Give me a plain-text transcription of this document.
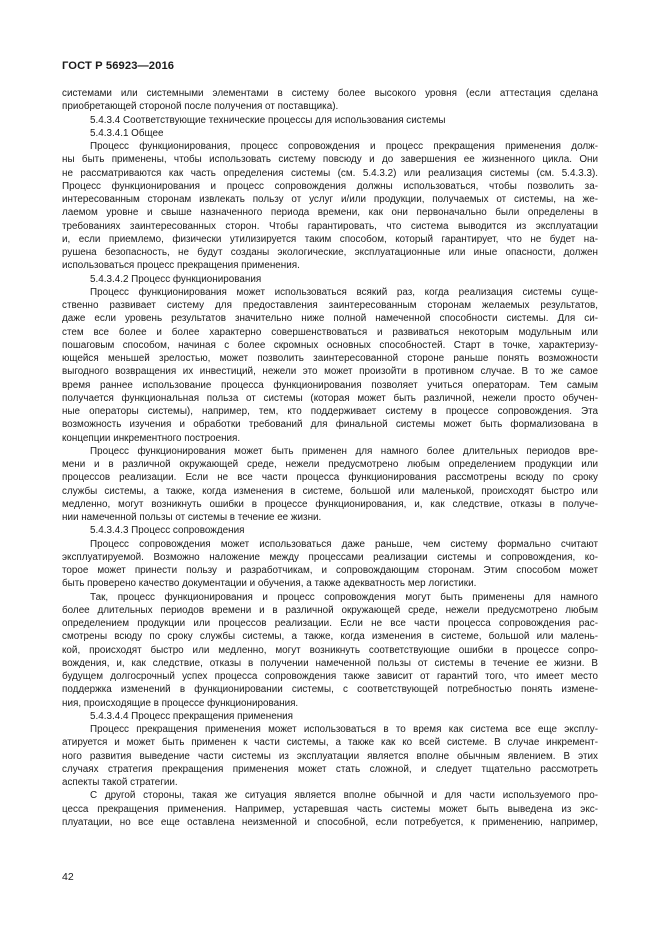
ГОСТ Р 56923—2016
системами или системными элементами в систему более высокого уровня (если аттестация сделана
приобретающей стороной после получения от поставщика).
5.4.3.4 Соответствующие технические процессы для использования системы
5.4.3.4.1 Общее
Процесс функционирования, процесс сопровождения и процесс прекращения применения долж-
ны быть применены, чтобы использовать систему повсюду и до завершения ее жизненного цикла. Они
не рассматриваются как часть определения системы (см. 5.4.3.2) или реализация системы (см. 5.4.3.3).
Процесс функционирования и процесс сопровождения должны использоваться, чтобы позволить за-
интересованным сторонам извлекать пользу от услуг и/или продукции, получаемых от системы, на же-
лаемом уровне и свыше назначенного периода времени, как они первоначально были определены в
требованиях заинтересованных сторон. Чтобы гарантировать, что система выводится из эксплуатации
и, если приемлемо, физически утилизируется таким способом, который гарантирует, что не будет на-
рушена безопасность, не будут созданы экологические, эксплуатационные или иные опасности, должен
использоваться процесс прекращения применения.
5.4.3.4.2 Процесс функционирования
Процесс функционирования может использоваться всякий раз, когда реализация системы суще-
ственно развивает систему для предоставления заинтересованным сторонам желаемых результатов,
даже если уровень результатов значительно ниже полной намеченной способности системы. Для си-
стем все более и более характерно совершенствоваться и развиваться некоторым модульным или
пошаговым способом, начиная с более скромных основных способностей. Старт в точке, характеризу-
ющейся меньшей зрелостью, может позволить заинтересованной стороне раньше понять возможности
выгодного возвращения их инвестиций, нежели это может произойти в противном случае. В то же самое
время раннее использование процесса функционирования позволяет учиться операторам. Тем самым
получается функциональная польза от системы (которая может быть различной, нежели просто обучен-
ные операторы системы), например, тем, кто поддерживает систему в процессе сопровождения. Эта
возможность изучения и обработки требований для финальной системы может быть формализована в
концепции инкрементного построения.
Процесс функционирования может быть применен для намного более длительных периодов вре-
мени и в различной окружающей среде, нежели предусмотрено любым определением продукции или
процессов реализации. Если не все части процесса функционирования рассмотрены всюду по сроку
службы системы, а также, когда изменения в системе, большой или маленькой, происходят быстро или
медленно, могут возникнуть ошибки в процессе функционирования, и, как следствие, отказы в получе-
нии намеченной пользы от системы в течение ее жизни.
5.4.3.4.3 Процесс сопровождения
Процесс сопровождения может использоваться даже раньше, чем систему формально считают
эксплуатируемой. Возможно наложение между процессами реализации системы и сопровождения, ко-
торое может принести пользу и разработчикам, и сопровождающим сторонам. Этим способом может
быть проверено качество документации и обучения, а также адекватность мер логистики.
Так, процесс функционирования и процесс сопровождения могут быть применены для намного
более длительных периодов времени и в различной окружающей среде, нежели предусмотрено любым
определением продукции или процессов реализации. Если не все части процесса сопровождения рас-
смотрены всюду по сроку службы системы, а также, когда изменения в системе, большой или малень-
кой, происходят быстро или медленно, могут возникнуть соответствующие ошибки в процессе сопро-
вождения, и, как следствие, отказы в получении намеченной пользы от системы в течение ее жизни. В
будущем долгосрочный успех процесса сопровождения также зависит от гарантий того, что имеет место
поддержка изменений в функционировании системы, с соответствующей потребностью понять измене-
ния, происходящие в процессе функционирования.
5.4.3.4.4 Процесс прекращения применения
Процесс прекращения применения может использоваться в то время как система все еще эксплу-
атируется и может быть применен к части системы, а также как ко всей системе. В случае инкремент-
ного развития выведение части системы из эксплуатации является вполне обычным явлением. В этих
случаях стратегия прекращения применения может стать сложной, и следует тщательно рассмотреть
аспекты такой стратегии.
С другой стороны, такая же ситуация является вполне обычной и для части используемого про-
цесса прекращения применения. Например, устаревшая часть системы может быть выведена из экс-
плуатации, но все еще оставлена неизменной и способной, если потребуется, к применению, например,
42
